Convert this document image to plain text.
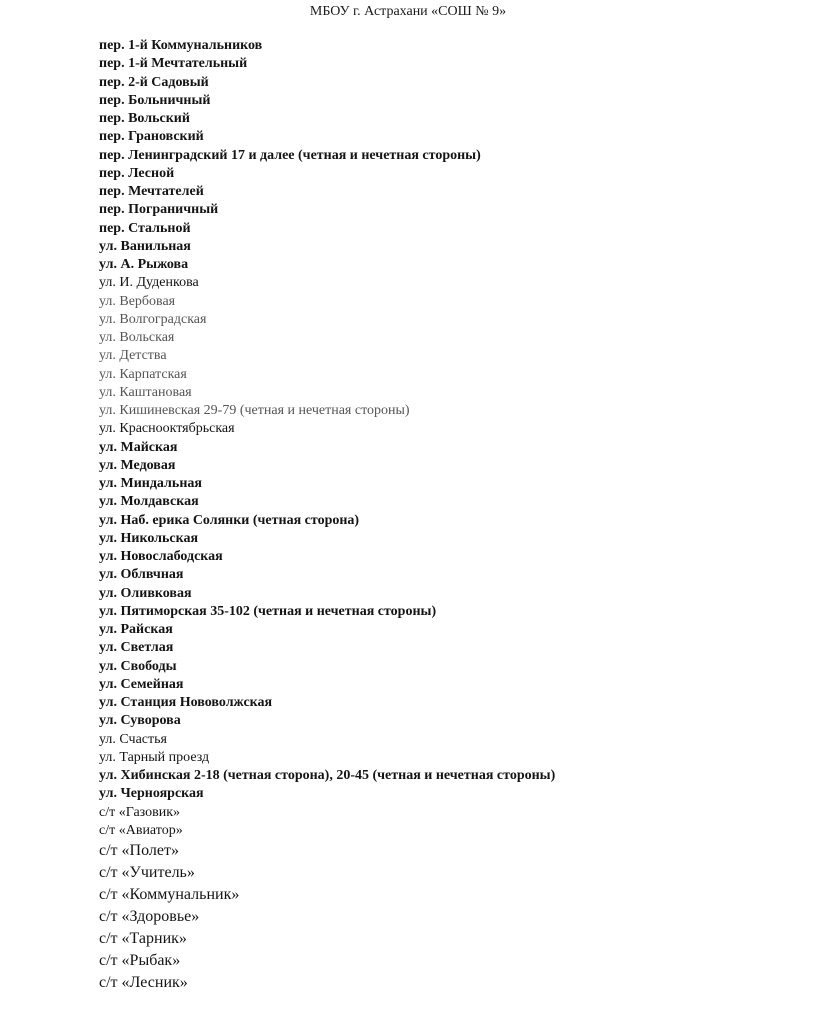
МБОУ г. Астрахани «СОШ № 9»
пер. 1-й Коммунальников
пер. 1-й Мечтательный
пер. 2-й Садовый
пер. Больничный
пер. Вольский
пер. Грановский
пер. Ленинградский 17 и далее (четная и нечетная стороны)
пер. Лесной
пер. Мечтателей
пер. Пограничный
пер. Стальной
ул. Ванильная
ул. А. Рыжова
ул. И. Дуденкова
ул. Вербовая
ул. Волгоградская
ул. Вольская
ул. Детства
ул. Карпатская
ул. Каштановая
ул. Кишиневская 29-79 (четная и нечетная стороны)
ул. Краснооктябрьская
ул. Майская
ул. Медовая
ул. Миндальная
ул. Молдавская
ул. Наб. ерика Солянки (четная сторона)
ул. Никольская
ул. Новослабодская
ул. Облвчная
ул. Оливковая
ул. Пятиморская 35-102 (четная и нечетная стороны)
ул. Райская
ул. Светлая
ул. Свободы
ул. Семейная
ул. Станция Нововолжская
ул. Суворова
ул. Счастья
ул. Тарный проезд
ул. Хибинская 2-18 (четная сторона), 20-45 (четная и нечетная стороны)
ул. Черноярская
с/т «Газовик»
с/т «Авиатор»
с/т «Полет»
с/т «Учитель»
с/т «Коммунальник»
с/т «Здоровье»
с/т «Тарник»
с/т «Рыбак»
с/т «Лесник»
